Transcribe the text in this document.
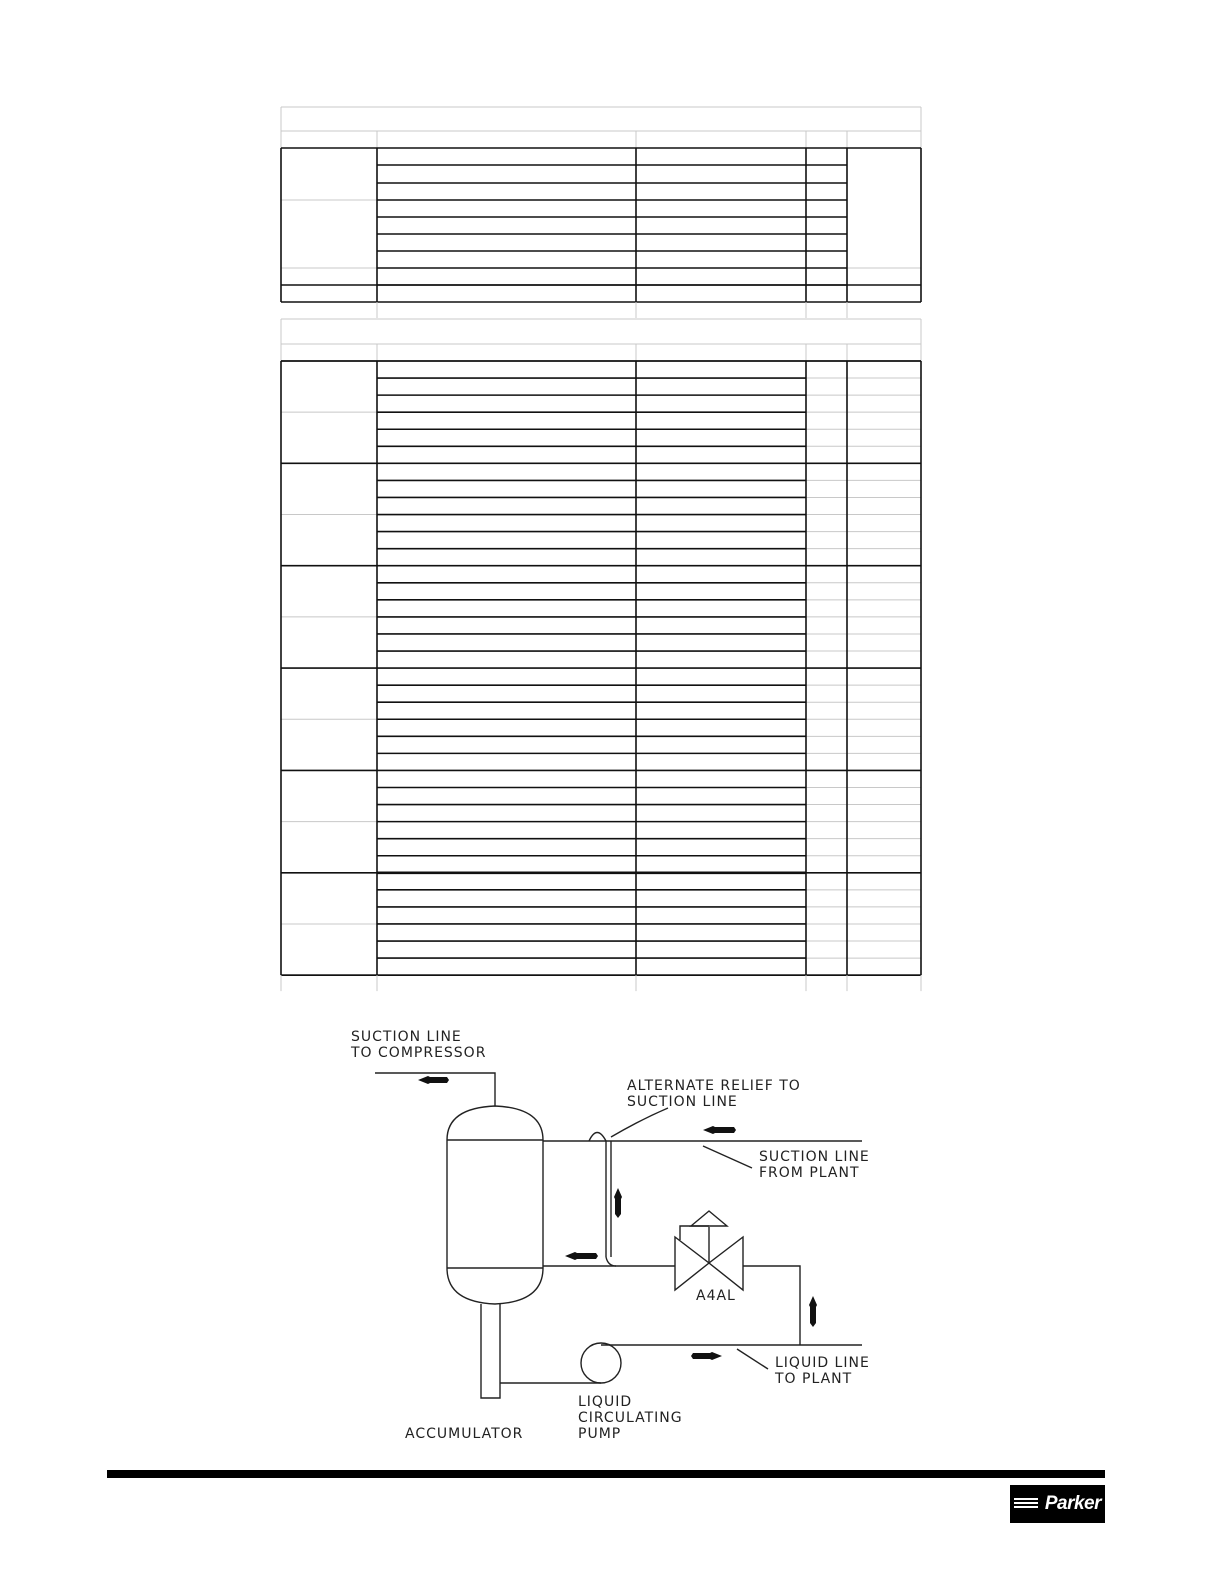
SUCTION LINE
TO COMPRESSOR
ALTERNATE RELIEF TO
SUCTION LINE
SUCTION LINE
FROM PLANT
A4AL
LIQUID LINE
TO PLANT
LIQUID
CIRCULATING
PUMP
ACCUMULATOR
Parker
